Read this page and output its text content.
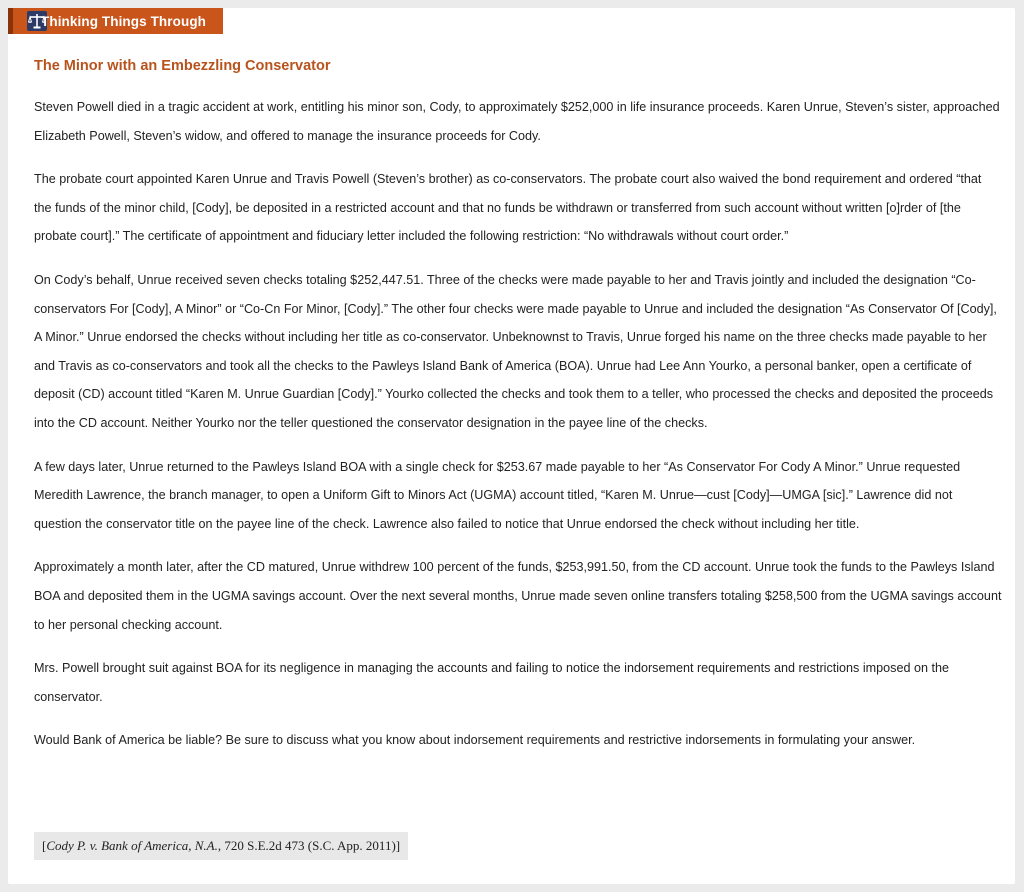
Thinking Things Through
The Minor with an Embezzling Conservator

Steven Powell died in a tragic accident at work, entitling his minor son, Cody, to approximately $252,000 in life insurance proceeds. Karen Unrue, Steven’s sister, approached Elizabeth Powell, Steven’s widow, and offered to manage the insurance proceeds for Cody.

The probate court appointed Karen Unrue and Travis Powell (Steven’s brother) as co-conservators. The probate court also waived the bond requirement and ordered “that the funds of the minor child, [Cody], be deposited in a restricted account and that no funds be withdrawn or transferred from such account without written [o]rder of [the probate court].” The certificate of appointment and fiduciary letter included the following restriction: “No withdrawals without court order.”

On Cody’s behalf, Unrue received seven checks totaling $252,447.51. Three of the checks were made payable to her and Travis jointly and included the designation “Co-conservators For [Cody], A Minor” or “Co-Cn For Minor, [Cody].” The other four checks were made payable to Unrue and included the designation “As Conservator Of [Cody], A Minor.” Unrue endorsed the checks without including her title as co-conservator. Unbeknownst to Travis, Unrue forged his name on the three checks made payable to her and Travis as co-conservators and took all the checks to the Pawleys Island Bank of America (BOA). Unrue had Lee Ann Yourko, a personal banker, open a certificate of deposit (CD) account titled “Karen M. Unrue Guardian [Cody].” Yourko collected the checks and took them to a teller, who processed the checks and deposited the proceeds into the CD account. Neither Yourko nor the teller questioned the conservator designation in the payee line of the checks.

A few days later, Unrue returned to the Pawleys Island BOA with a single check for $253.67 made payable to her “As Conservator For Cody A Minor.” Unrue requested Meredith Lawrence, the branch manager, to open a Uniform Gift to Minors Act (UGMA) account titled, “Karen M. Unrue—cust [Cody]—UMGA [sic].” Lawrence did not question the conservator title on the payee line of the check. Lawrence also failed to notice that Unrue endorsed the check without including her title.

Approximately a month later, after the CD matured, Unrue withdrew 100 percent of the funds, $253,991.50, from the CD account. Unrue took the funds to the Pawleys Island BOA and deposited them in the UGMA savings account. Over the next several months, Unrue made seven online transfers totaling $258,500 from the UGMA savings account to her personal checking account.

Mrs. Powell brought suit against BOA for its negligence in managing the accounts and failing to notice the indorsement requirements and restrictions imposed on the conservator.

Would Bank of America be liable? Be sure to discuss what you know about indorsement requirements and restrictive indorsements in formulating your answer.

[ Cody P. v. Bank of America, N.A. , 720 S.E.2d 473 (S.C. App. 2011)]
